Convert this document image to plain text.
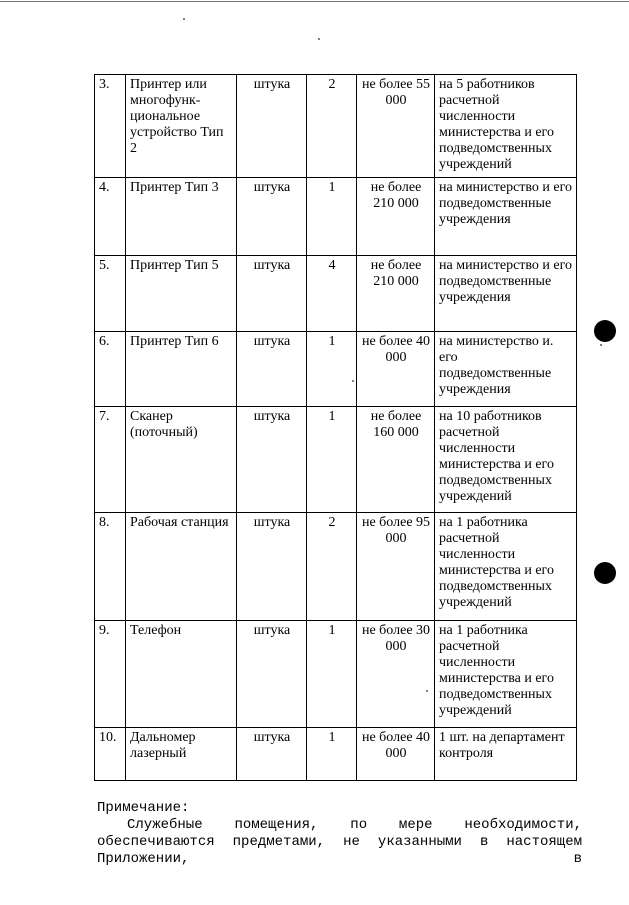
3.	Принтер или многофунк-циональное устройство Тип 2	штука	2	не более 55 000	на 5 работников расчетной численности министерства и его подведомственных учреждений
4.	Принтер Тип 3	штука	1	не более 210 000	на министерство и его подведомственные учреждения
5.	Принтер Тип 5	штука	4	не более 210 000	на министерство и его подведомственные учреждения
6.	Принтер Тип 6	штука	1	не более 40 000	на министерство и. его подведомственные учреждения
7.	Сканер (поточный)	штука	1	не более 160 000	на 10 работников расчетной численности министерства и его подведомственных учреждений
8.	Рабочая станция	штука	2	не более 95 000	на 1 работника расчетной численности министерства и его подведомственных учреждений
9.	Телефон	штука	1	не более 30 000	на 1 работника расчетной численности министерства и его подведомственных учреждений
10.	Дальномер лазерный	штука	1	не более 40 000	1 шт. на департамент контроля
Примечание:
Служебные помещения, по мере необходимости, обеспечиваются предметами, не указанными в настоящем Приложении, в
